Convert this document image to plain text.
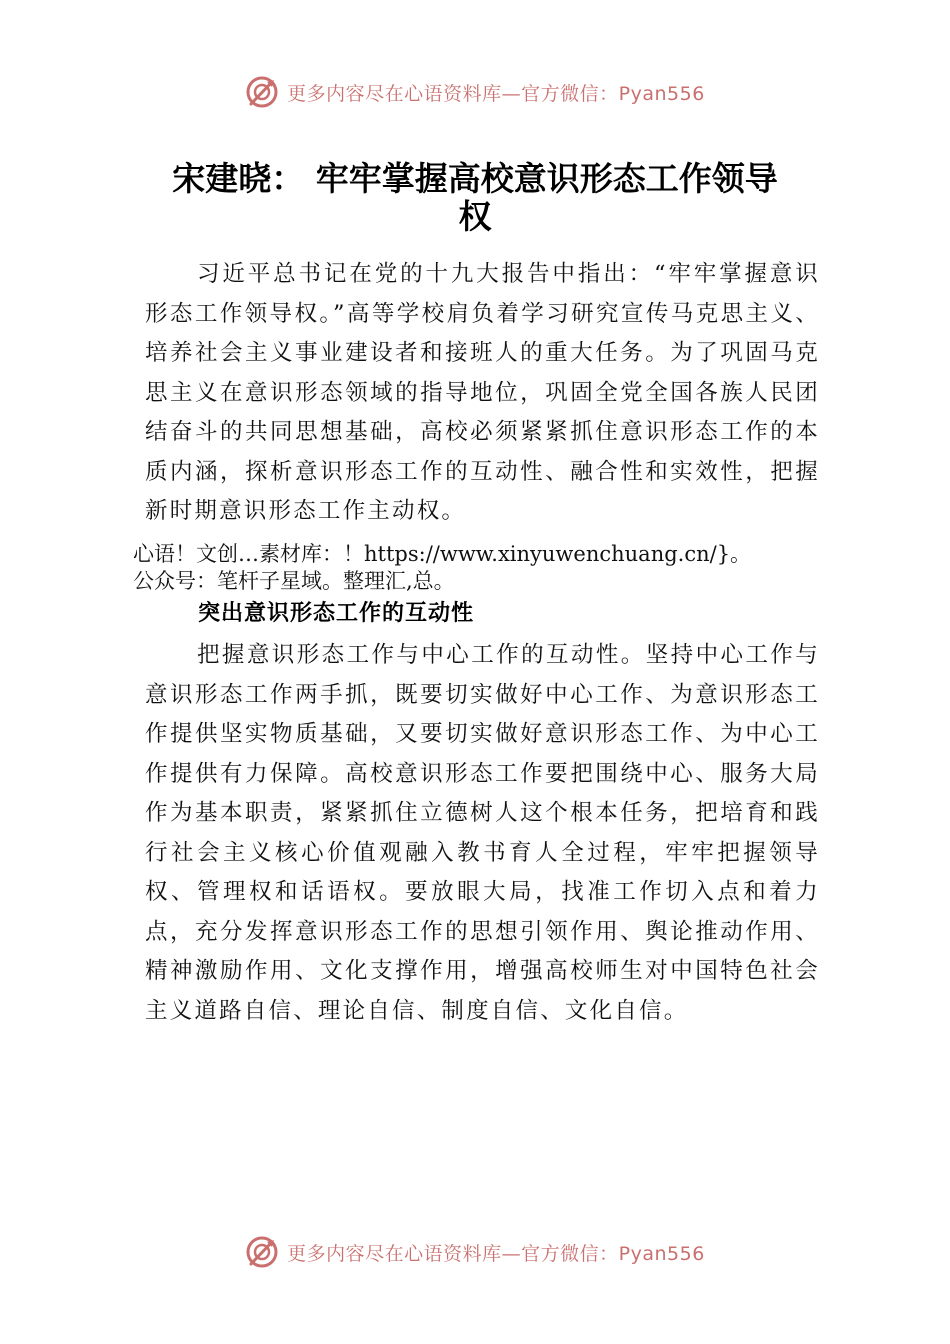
更多内容尽在心语资料库—官方微信：Pyan556
宋建晓： 牢牢掌握高校意识形态工作领导
权

习近平总书记在党的十九大报告中指出：“牢牢掌握意识形态工作领导权。”高等学校肩负着学习研究宣传马克思主义、培养社会主义事业建设者和接班人的重大任务。为了巩固马克思主义在意识形态领域的指导地位，巩固全党全国各族人民团结奋斗的共同思想基础，高校必须紧紧抓住意识形态工作的本质内涵，探析意识形态工作的互动性、融合性和实效性，把握新时期意识形态工作主动权。

心语！文创…素材库：！https://www.xinyuwenchuang.cn/}。
公众号：笔杆子星域。整理汇,总。

突出意识形态工作的互动性

把握意识形态工作与中心工作的互动性。坚持中心工作与意识形态工作两手抓，既要切实做好中心工作、为意识形态工作提供坚实物质基础，又要切实做好意识形态工作、为中心工作提供有力保障。高校意识形态工作要把围绕中心、服务大局作为基本职责，紧紧抓住立德树人这个根本任务，把培育和践行社会主义核心价值观融入教书育人全过程，牢牢把握领导权、管理权和话语权。要放眼大局，找准工作切入点和着力点，充分发挥意识形态工作的思想引领作用、舆论推动作用、精神激励作用、文化支撑作用，增强高校师生对中国特色社会主义道路自信、理论自信、制度自信、文化自信。

更多内容尽在心语资料库—官方微信：Pyan556
